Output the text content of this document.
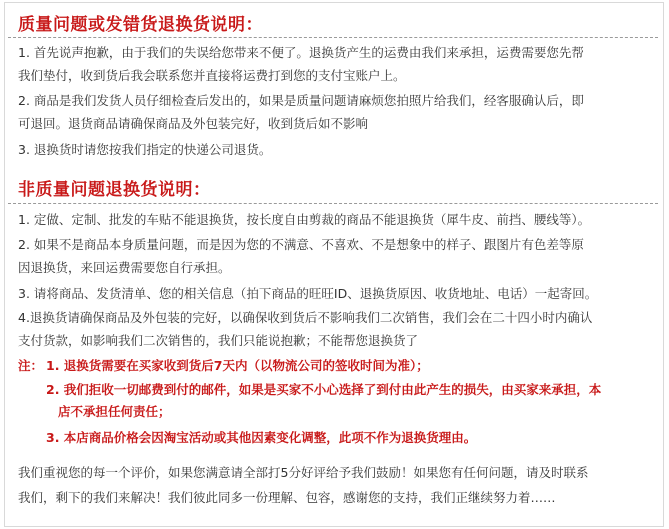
质量问题或发错货退换货说明：
1. 首先说声抱歉，由于我们的失误给您带来不便了。退换货产生的运费由我们来承担，运费需要您先帮
我们垫付，收到货后我会联系您并直接将运费打到您的支付宝账户上。
2. 商品是我们发货人员仔细检查后发出的，如果是质量问题请麻烦您拍照片给我们，经客服确认后，即
可退回。退货商品请确保商品及外包装完好，收到货后如不影响
3. 退换货时请您按我们指定的快递公司退货。
非质量问题退换货说明：
1. 定做、定制、批发的车贴不能退换货，按长度自由剪裁的商品不能退换货（犀牛皮、前挡、腰线等）。
2. 如果不是商品本身质量问题，而是因为您的不满意、不喜欢、不是想象中的样子、跟图片有色差等原
因退换货，来回运费需要您自行承担。
3. 请将商品、发货清单、您的相关信息（拍下商品的旺旺ID、退换货原因、收货地址、电话）一起寄回。
4.退换货请确保商品及外包装的完好，以确保收到货后不影响我们二次销售，我们会在二十四小时内确认
支付货款，如影响我们二次销售的，我们只能说抱歉；不能帮您退换货了
注： 1. 退换货需要在买家收到货后7天内（以物流公司的签收时间为准）；
2. 我们拒收一切邮费到付的邮件，如果是买家不小心选择了到付由此产生的损失，由买家来承担，本
店不承担任何责任；
3. 本店商品价格会因淘宝活动或其他因素变化调整，此项不作为退换货理由。
我们重视您的每一个评价，如果您满意请全部打5分好评给予我们鼓励！如果您有任何问题，请及时联系
我们，剩下的我们来解决！我们彼此同多一份理解、包容，感谢您的支持，我们正继续努力着……
